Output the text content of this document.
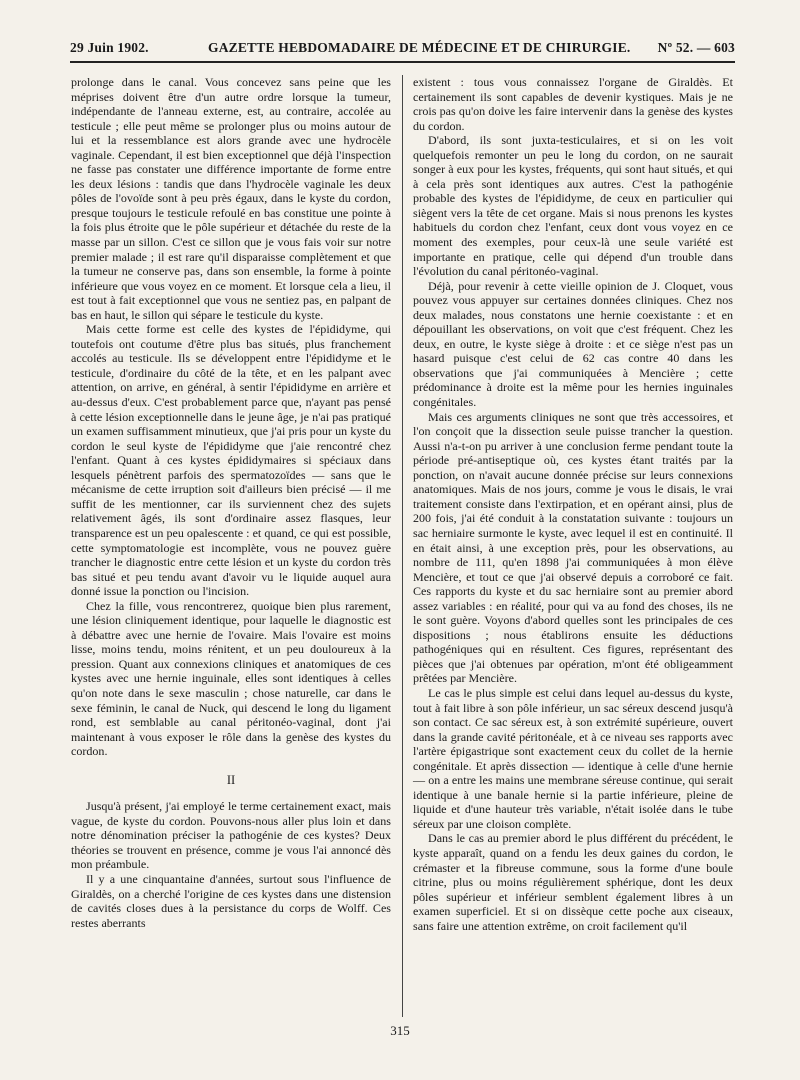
29 Juin 1902.	GAZETTE HEBDOMADAIRE DE MÉDECINE ET DE CHIRURGIE. Nº 52. — 603

prolonge dans le canal. Vous concevez sans peine que les méprises doivent être d'un autre ordre lorsque la tumeur, indépendante de l'anneau externe, est, au contraire, accolée au testicule ; elle peut même se prolonger plus ou moins autour de lui et la ressemblance est alors grande avec une hydrocèle vaginale. Cependant, il est bien exceptionnel que déjà l'inspection ne fasse pas constater une différence importante de forme entre les deux lésions : tandis que dans l'hydrocèle vaginale les deux pôles de l'ovoïde sont à peu près égaux, dans le kyste du cordon, presque toujours le testicule refoulé en bas constitue une pointe à la fois plus étroite que le pôle supérieur et détachée du reste de la masse par un sillon. C'est ce sillon que je vous fais voir sur notre premier malade ; il est rare qu'il disparaisse complètement et que la tumeur ne conserve pas, dans son ensemble, la forme à pointe inférieure que vous voyez en ce moment. Et lorsque cela a lieu, il est tout à fait exceptionnel que vous ne sentiez pas, en palpant de bas en haut, le sillon qui sépare le testicule du kyste.

Mais cette forme est celle des kystes de l'épididyme, qui toutefois ont coutume d'être plus bas situés, plus franchement accolés au testicule. Ils se développent entre l'épididyme et le testicule, d'ordinaire du côté de la tête, et en les palpant avec attention, on arrive, en général, à sentir l'épididyme en arrière et au-dessus d'eux. C'est probablement parce que, n'ayant pas pensé à cette lésion exceptionnelle dans le jeune âge, je n'ai pas pratiqué un examen suffisamment minutieux, que j'ai pris pour un kyste du cordon le seul kyste de l'épididyme que j'aie rencontré chez l'enfant. Quant à ces kystes épididymaires si spéciaux dans lesquels pénètrent parfois des spermatozoïdes — sans que le mécanisme de cette irruption soit d'ailleurs bien précisé — il me suffit de les mentionner, car ils surviennent chez des sujets relativement âgés, ils sont d'ordinaire assez flasques, leur transparence est un peu opalescente : et quand, ce qui est possible, cette symptomatologie est incomplète, vous ne pouvez guère trancher le diagnostic entre cette lésion et un kyste du cordon très bas situé et peu tendu avant d'avoir vu le liquide auquel aura donné issue la ponction ou l'incision.

Chez la fille, vous rencontrerez, quoique bien plus rarement, une lésion cliniquement identique, pour laquelle le diagnostic est à débattre avec une hernie de l'ovaire. Mais l'ovaire est moins lisse, moins tendu, moins rénitent, et un peu douloureux à la pression. Quant aux connexions cliniques et anatomiques de ces kystes avec une hernie inguinale, elles sont identiques à celles qu'on note dans le sexe masculin ; chose naturelle, car dans le sexe féminin, le canal de Nuck, qui descend le long du ligament rond, est semblable au canal péritonéo-vaginal, dont j'ai maintenant à vous exposer le rôle dans la genèse des kystes du cordon.

II

Jusqu'à présent, j'ai employé le terme certainement exact, mais vague, de kyste du cordon. Pouvons-nous aller plus loin et dans notre dénomination préciser la pathogénie de ces kystes? Deux théories se trouvent en présence, comme je vous l'ai annoncé dès mon préambule.

Il y a une cinquantaine d'années, surtout sous l'influence de Giraldès, on a cherché l'origine de ces kystes dans une distension de cavités closes dues à la persistance du corps de Wolff. Ces restes aberrants

existent : tous vous connaissez l'organe de Giraldès. Et certainement ils sont capables de devenir kystiques. Mais je ne crois pas qu'on doive les faire intervenir dans la genèse des kystes du cordon.

D'abord, ils sont juxta-testiculaires, et si on les voit quelquefois remonter un peu le long du cordon, on ne saurait songer à eux pour les kystes, fréquents, qui sont haut situés, et qui à cela près sont identiques aux autres. C'est la pathogénie probable des kystes de l'épididyme, de ceux en particulier qui siègent vers la tête de cet organe. Mais si nous prenons les kystes habituels du cordon chez l'enfant, ceux dont vous voyez en ce moment des exemples, pour ceux-là une seule variété est importante en pratique, celle qui dépend d'un trouble dans l'évolution du canal péritonéo-vaginal.

Déjà, pour revenir à cette vieille opinion de J. Cloquet, vous pouvez vous appuyer sur certaines données cliniques. Chez nos deux malades, nous constatons une hernie coexistante : et en dépouillant les observations, on voit que c'est fréquent. Chez les deux, en outre, le kyste siège à droite : et ce siège n'est pas un hasard puisque c'est celui de 62 cas contre 40 dans les observations que j'ai communiquées à Mencière ; cette prédominance à droite est la même pour les hernies inguinales congénitales.

Mais ces arguments cliniques ne sont que très accessoires, et l'on conçoit que la dissection seule puisse trancher la question. Aussi n'a-t-on pu arriver à une conclusion ferme pendant toute la période pré-antiseptique où, ces kystes étant traités par la ponction, on n'avait aucune donnée précise sur leurs connexions anatomiques. Mais de nos jours, comme je vous le disais, le vrai traitement consiste dans l'extirpation, et en opérant ainsi, plus de 200 fois, j'ai été conduit à la constatation suivante : toujours un sac herniaire surmonte le kyste, avec lequel il est en continuité. Il en était ainsi, à une exception près, pour les observations, au nombre de 111, qu'en 1898 j'ai communiquées à mon élève Mencière, et tout ce que j'ai observé depuis a corroboré ce fait. Ces rapports du kyste et du sac herniaire sont au premier abord assez variables : en réalité, pour qui va au fond des choses, ils ne le sont guère. Voyons d'abord quelles sont les principales de ces dispositions ; nous établirons ensuite les déductions pathogéniques qui en résultent. Ces figures, représentant des pièces que j'ai obtenues par opération, m'ont été obligeamment prêtées par Mencière.

Le cas le plus simple est celui dans lequel au-dessus du kyste, tout à fait libre à son pôle inférieur, un sac séreux descend jusqu'à son contact. Ce sac séreux est, à son extrémité supérieure, ouvert dans la grande cavité péritonéale, et à ce niveau ses rapports avec l'artère épigastrique sont exactement ceux du collet de la hernie congénitale. Et après dissection — identique à celle d'une hernie — on a entre les mains une membrane séreuse continue, qui serait identique à une banale hernie si la partie inférieure, pleine de liquide et d'une hauteur très variable, n'était isolée dans le tube séreux par une cloison complète.

Dans le cas au premier abord le plus différent du précédent, le kyste apparaît, quand on a fendu les deux gaines du cordon, le crémaster et la fibreuse commune, sous la forme d'une boule citrine, plus ou moins régulièrement sphérique, dont les deux pôles supérieur et inférieur semblent également libres à un examen superficiel. Et si on dissèque cette poche aux ciseaux, sans faire une attention extrême, on croit facilement qu'il

315
